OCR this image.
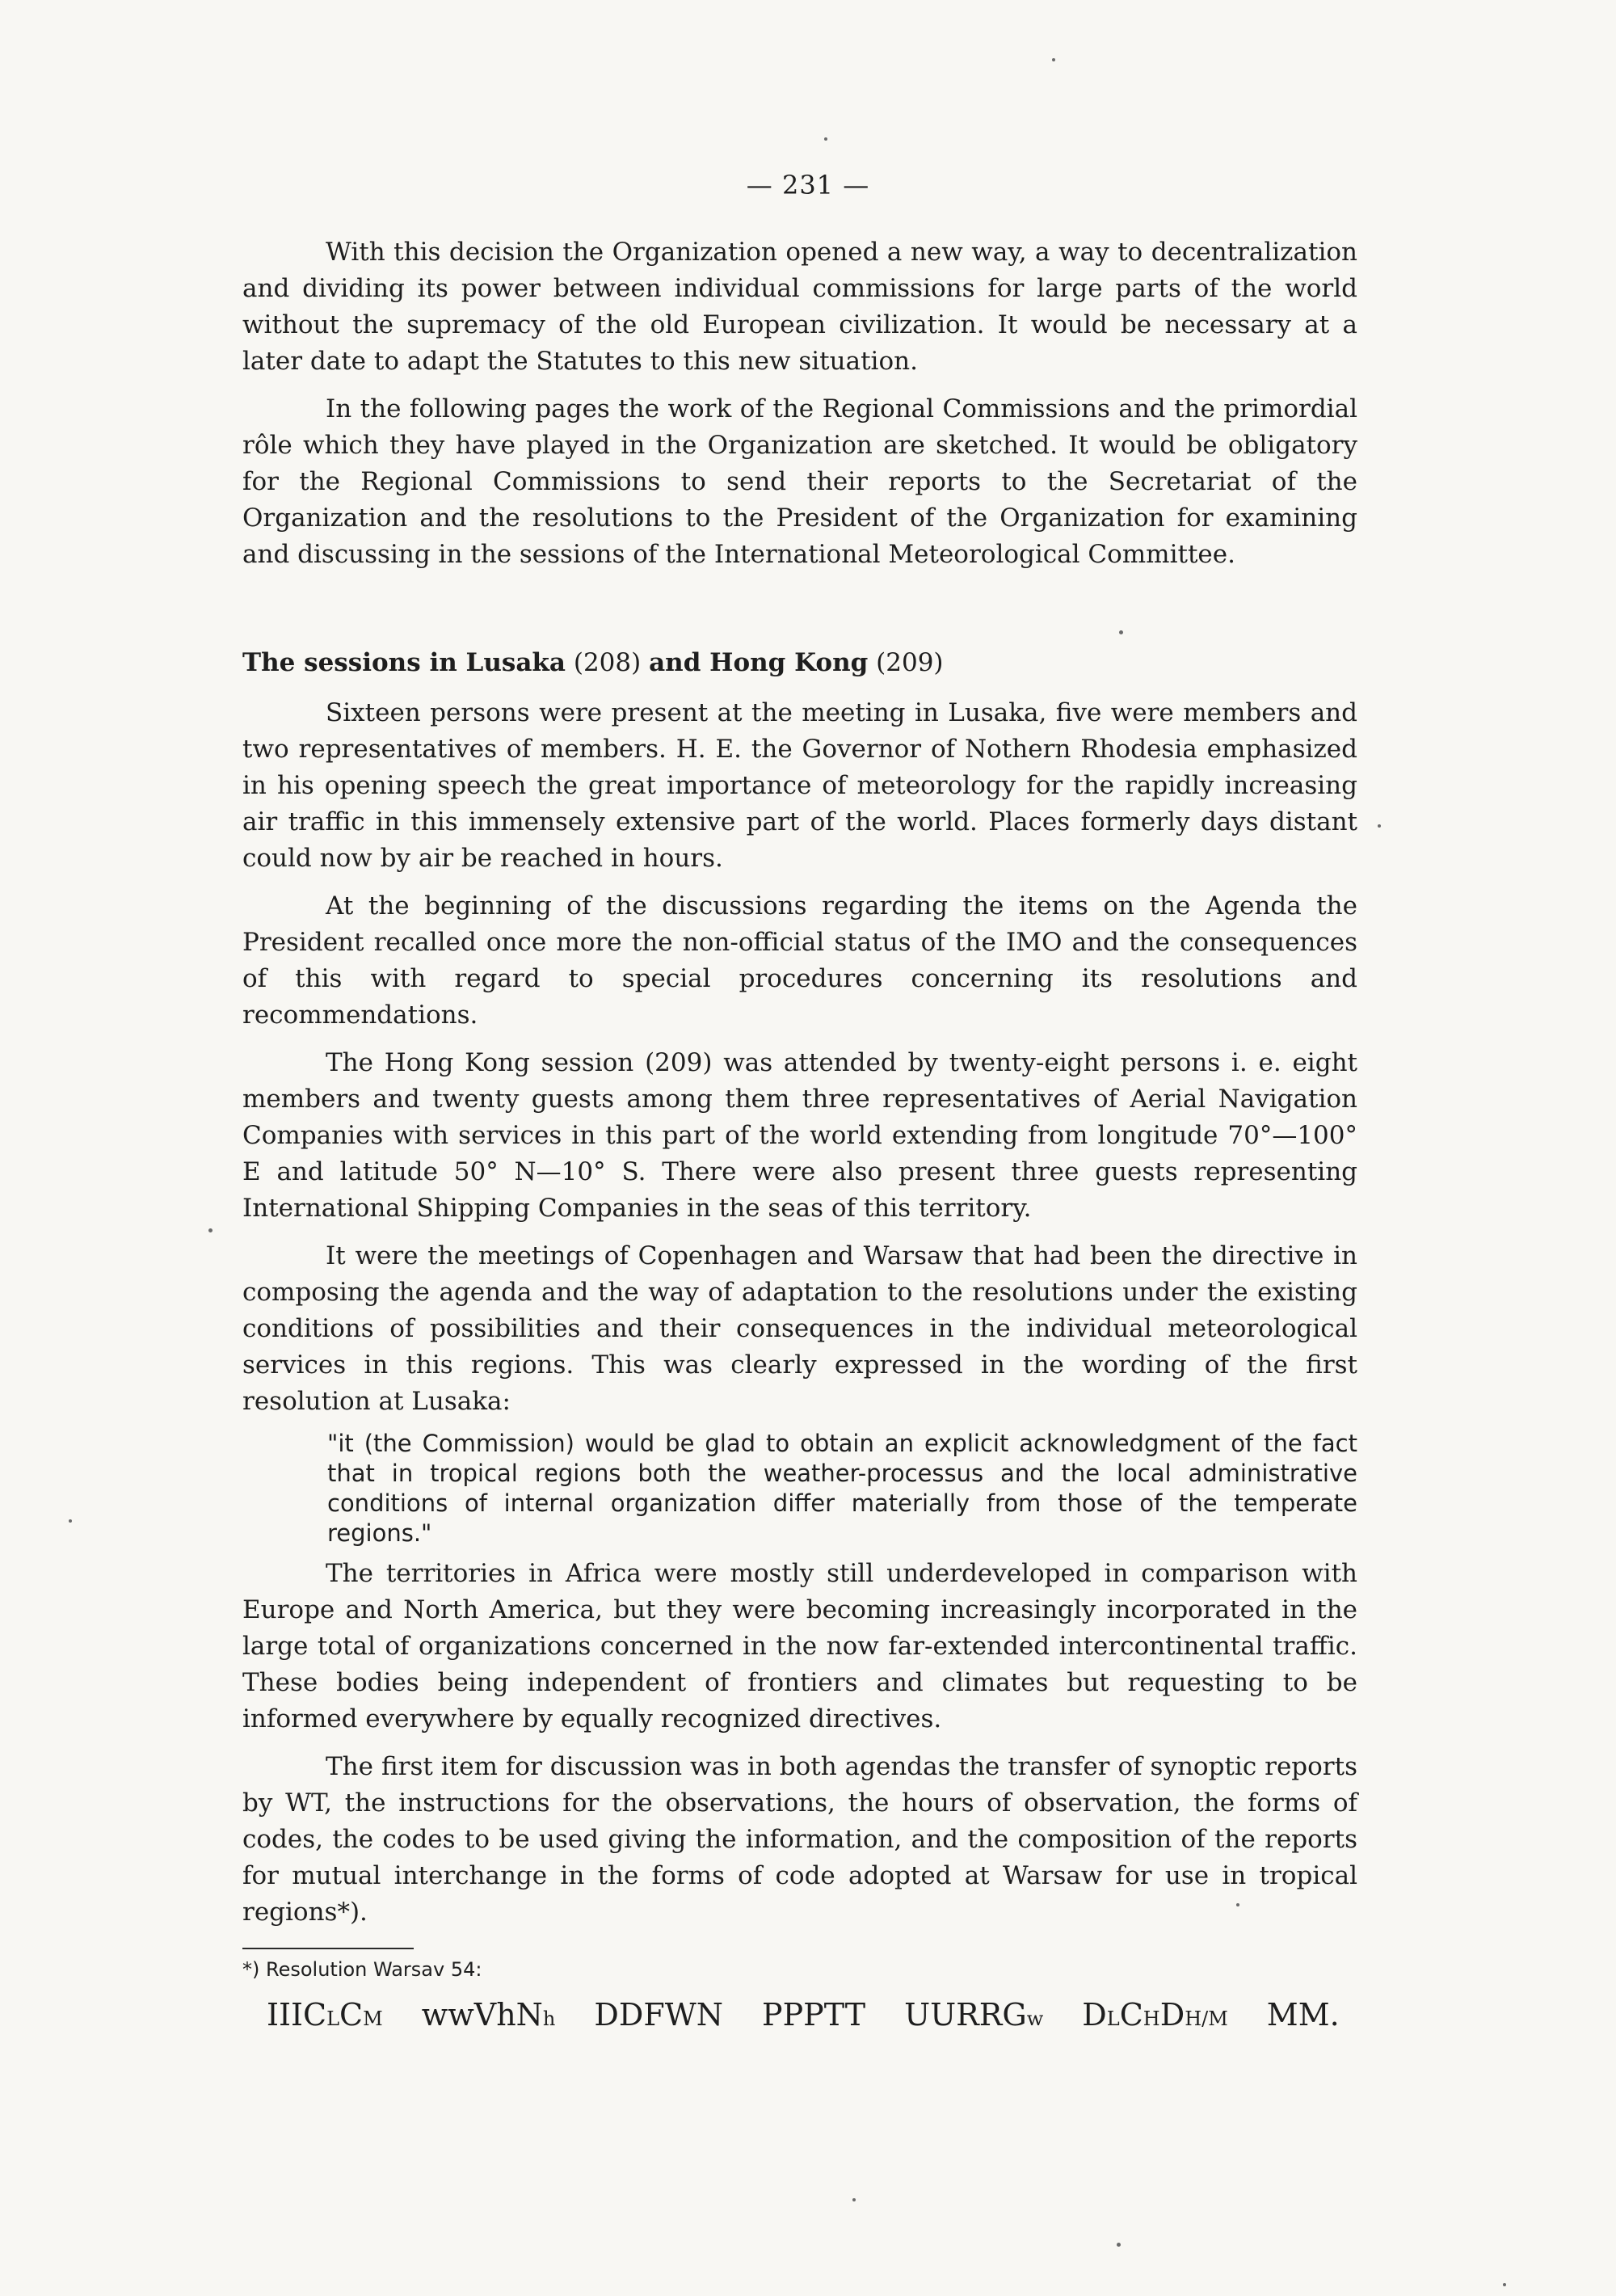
— 231 —

With this decision the Organization opened a new way, a way to decentralization and dividing its power between individual commissions for large parts of the world without the supremacy of the old European civilization. It would be necessary at a later date to adapt the Statutes to this new situation.

In the following pages the work of the Regional Commissions and the primordial rôle which they have played in the Organization are sketched. It would be obligatory for the Regional Commissions to send their reports to the Secretariat of the Organization and the resolutions to the President of the Organization for examining and discussing in the sessions of the International Meteorological Committee.

The sessions in Lusaka (208) and Hong Kong (209)

Sixteen persons were present at the meeting in Lusaka, five were members and two representatives of members. H. E. the Governor of Nothern Rhodesia emphasized in his opening speech the great importance of meteorology for the rapidly increasing air traffic in this immensely extensive part of the world. Places formerly days distant could now by air be reached in hours.

At the beginning of the discussions regarding the items on the Agenda the President recalled once more the non-official status of the IMO and the consequences of this with regard to special procedures concerning its resolutions and recommendations.

The Hong Kong session (209) was attended by twenty-eight persons i. e. eight members and twenty guests among them three representatives of Aerial Navigation Companies with services in this part of the world extending from longitude 70°—100° E and latitude 50° N—10° S. There were also present three guests representing International Shipping Companies in the seas of this territory.

It were the meetings of Copenhagen and Warsaw that had been the directive in composing the agenda and the way of adaptation to the resolutions under the existing conditions of possibilities and their consequences in the individual meteorological services in this regions. This was clearly expressed in the wording of the first resolution at Lusaka:

"it (the Commission) would be glad to obtain an explicit acknowledgment of the fact that in tropical regions both the weather-processus and the local administrative conditions of internal organization differ materially from those of the temperate regions."

The territories in Africa were mostly still underdeveloped in comparison with Europe and North America, but they were becoming increasingly incorporated in the large total of organizations concerned in the now far-extended intercontinental traffic. These bodies being independent of frontiers and climates but requesting to be informed everywhere by equally recognized directives.

The first item for discussion was in both agendas the transfer of synoptic reports by WT, the instructions for the observations, the hours of observation, the forms of codes, the codes to be used giving the information, and the composition of the reports for mutual interchange in the forms of code adopted at Warsaw for use in tropical regions*).

*) Resolution Warsav 54:
IIICLCM wwVhNh DDFWN PPPTT UURRGw DLCHDH/M MM.
